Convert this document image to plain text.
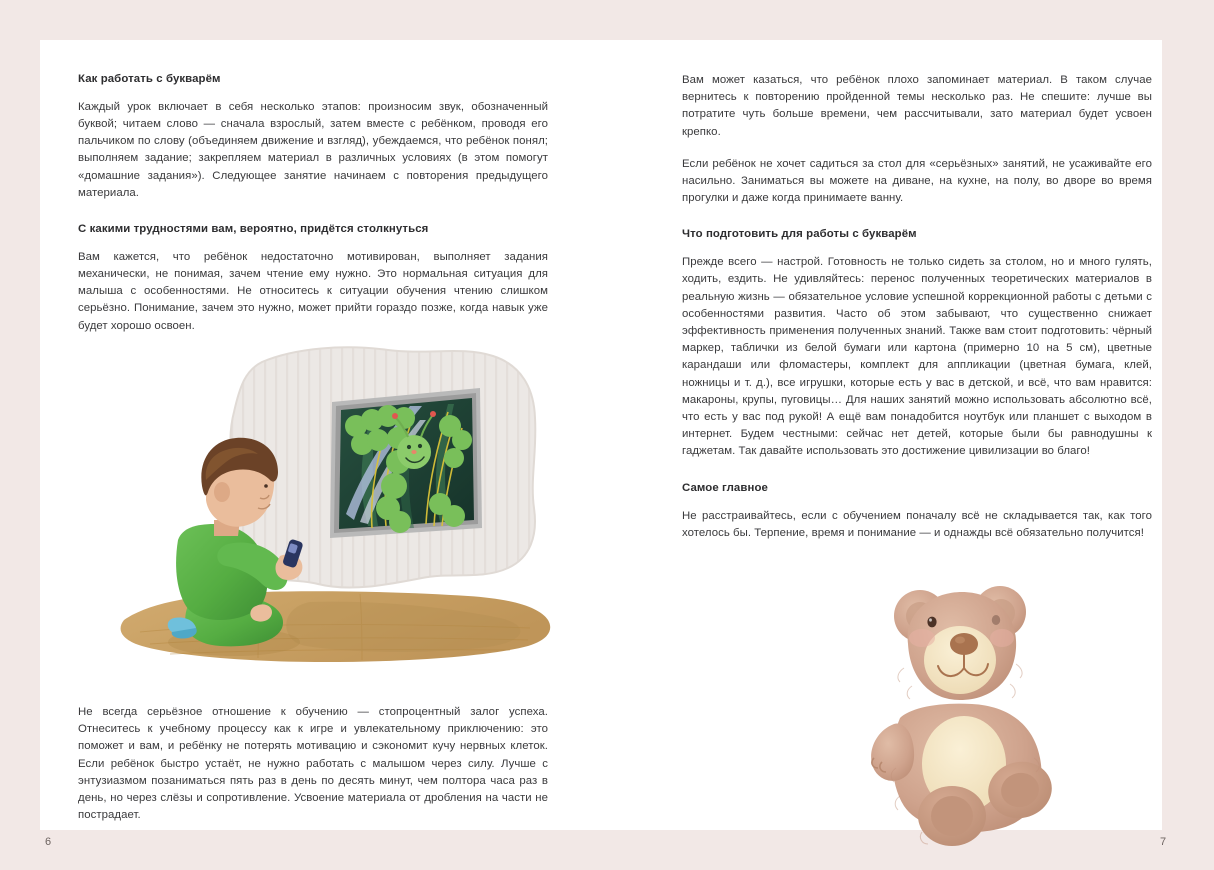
Как работать с букварём

Каждый урок включает в себя несколько этапов: произносим звук, обозначенный буквой; читаем слово — сначала взрослый, затем вместе с ребёнком, проводя его пальчиком по слову (объединяем движение и взгляд), убеждаемся, что ребёнок понял; выполняем задание; закрепляем материал в различных условиях (в этом помогут «домашние задания»). Следующее занятие начинаем с повторения предыдущего материала.

С какими трудностями вам, вероятно, придётся столкнуться

Вам кажется, что ребёнок недостаточно мотивирован, выполняет задания механически, не понимая, зачем чтение ему нужно. Это нормальная ситуация для малыша с особенностями. Не относитесь к ситуации обучения чтению слишком серьёзно. Понимание, зачем это нужно, может прийти гораздо позже, когда навык уже будет хорошо освоен.

Не всегда серьёзное отношение к обучению — стопроцентный залог успеха. Отнеситесь к учебному процессу как к игре и увлекательному приключению: это поможет и вам, и ребёнку не потерять мотивацию и сэкономит кучу нервных клеток. Если ребёнок быстро устаёт, не нужно работать с малышом через силу. Лучше с энтузиазмом позаниматься пять раз в день по десять минут, чем полтора часа раз в день, но через слёзы и сопротивление. Усвоение материала от дробления на части не пострадает.

Вам может казаться, что ребёнок плохо запоминает материал. В таком случае вернитесь к повторению пройденной темы несколько раз. Не спешите: лучше вы потратите чуть больше времени, чем рассчитывали, зато материал будет усвоен крепко.

Если ребёнок не хочет садиться за стол для «серьёзных» занятий, не усаживайте его насильно. Заниматься вы можете на диване, на кухне, на полу, во дворе во время прогулки и даже когда принимаете ванну.

Что подготовить для работы с букварём

Прежде всего — настрой. Готовность не только сидеть за столом, но и много гулять, ходить, ездить. Не удивляйтесь: перенос полученных теоретических материалов в реальную жизнь — обязательное условие успешной коррекционной работы с детьми с особенностями развития. Часто об этом забывают, что существенно снижает эффективность применения полученных знаний. Также вам стоит подготовить: чёрный маркер, таблички из белой бумаги или картона (примерно 10 на 5 см), цветные карандаши или фломастеры, комплект для аппликации (цветная бумага, клей, ножницы и т. д.), все игрушки, которые есть у вас в детской, и всё, что вам нравится: макароны, крупы, пуговицы… Для наших занятий можно использовать абсолютно всё, что есть у вас под рукой! А ещё вам понадобится ноутбук или планшет с выходом в интернет. Будем честными: сейчас нет детей, которые были бы равнодушны к гаджетам. Так давайте использовать это достижение цивилизации во благо!

Самое главное

Не расстраивайтесь, если с обучением поначалу всё не складывается так, как того хотелось бы. Терпение, время и понимание — и однажды всё обязательно получится!

6	7
